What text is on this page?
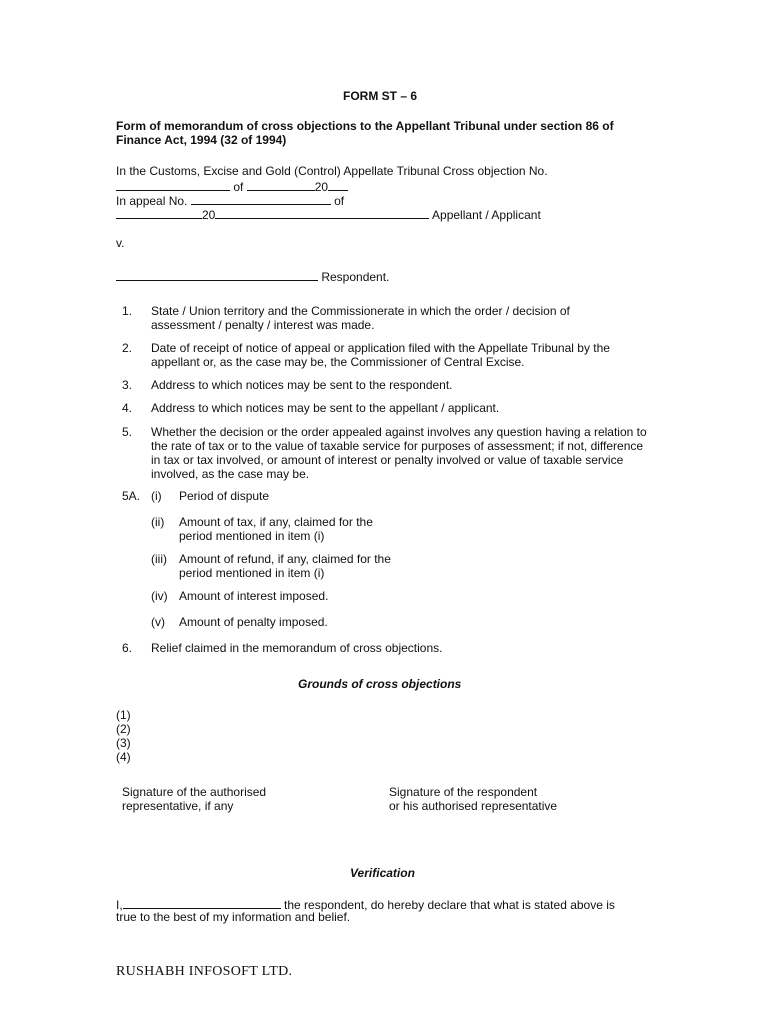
FORM ST – 6
Form of memorandum of cross objections to the Appellant Tribunal under section 86 of Finance Act, 1994 (32 of 1994)
In the Customs, Excise and Gold (Control) Appellate Tribunal Cross objection No.
of	20
In appeal No.	of
20	Appellant / Applicant
v.
Respondent.
1. State / Union territory and the Commissionerate in which the order / decision of assessment / penalty / interest was made.
2. Date of receipt of notice of appeal or application filed with the Appellate Tribunal by the appellant or, as the case may be, the Commissioner of Central Excise.
3. Address to which notices may be sent to the respondent.
4. Address to which notices may be sent to the appellant / applicant.
5. Whether the decision or the order appealed against involves any question having a relation to the rate of tax or to the value of taxable service for purposes of assessment; if not, difference in tax or tax involved, or amount of interest or penalty involved or value of taxable service involved, as the case may be.
5A. (i) Period of dispute
(ii) Amount of tax, if any, claimed for the period mentioned in item (i)
(iii) Amount of refund, if any, claimed for the period mentioned in item (i)
(iv) Amount of interest imposed.
(v) Amount of penalty imposed.
6. Relief claimed in the memorandum of cross objections.
Grounds of cross objections
(1)
(2)
(3)
(4)
Signature of the authorised
representative, if any
Signature of the respondent
or his authorised representative
Verification
I,	the respondent, do hereby declare that what is stated above is
true to the best of my information and belief.
RUSHABH INFOSOFT LTD.
